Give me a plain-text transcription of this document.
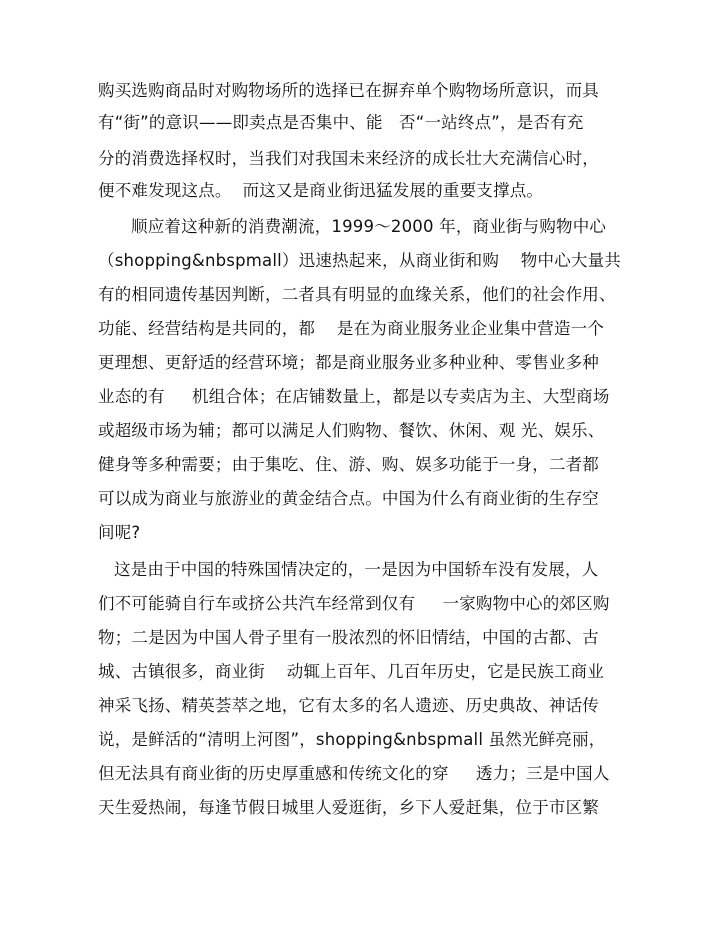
购买选购商品时对购物场所的选择已在摒弃单个购物场所意识，而具
有“街”的意识——即卖点是否集中、能   否“一站终点”，是否有充
分的消费选择权时，当我们对我国未来经济的成长壮大充满信心时，
便不难发现这点。  而这又是商业街迅猛发展的重要支撑点。
顺应着这种新的消费潮流，1999～2000 年，商业街与购物中心
（shopping&nbspmall）迅速热起来，从商业街和购    物中心大量共
有的相同遗传基因判断，二者具有明显的血缘关系，他们的社会作用、
功能、经营结构是共同的，都    是在为商业服务业企业集中营造一个
更理想、更舒适的经营环境；都是商业服务业多种业种、零售业多种
业态的有     机组合体；在店铺数量上，都是以专卖店为主、大型商场
或超级市场为辅；都可以满足人们购物、餐饮、休闲、观 光、娱乐、
健身等多种需要；由于集吃、住、游、购、娱多功能于一身，二者都
可以成为商业与旅游业的黄金结合点。中国为什么有商业街的生存空
间呢?
这是由于中国的特殊国情决定的，一是因为中国轿车没有发展，人
们不可能骑自行车或挤公共汽车经常到仅有     一家购物中心的郊区购
物；二是因为中国人骨子里有一股浓烈的怀旧情结，中国的古都、古
城、古镇很多，商业街    动辄上百年、几百年历史，它是民族工商业
神采飞扬、精英荟萃之地，它有太多的名人遗迹、历史典故、神话传
说，是鲜活的“清明上河图”，shopping&nbspmall 虽然光鲜亮丽，
但无法具有商业街的历史厚重感和传统文化的穿     透力；三是中国人
天生爱热闹，每逢节假日城里人爱逛街，乡下人爱赶集，位于市区繁
